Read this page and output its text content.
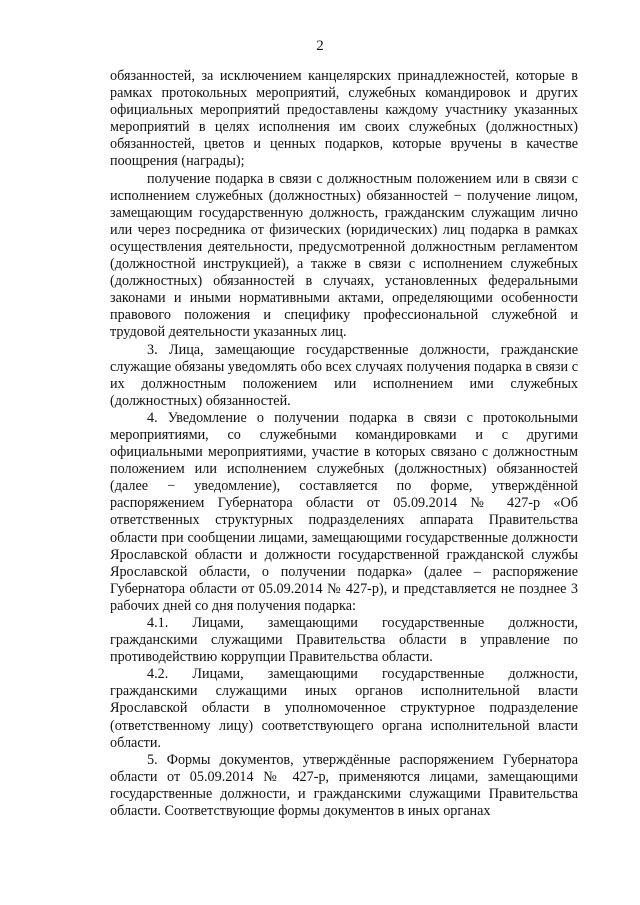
2

обязанностей, за исключением канцелярских принадлежностей, которые в рамках протокольных мероприятий, служебных командировок и других официальных мероприятий предоставлены каждому участнику указанных мероприятий в целях исполнения им своих служебных (должностных) обязанностей, цветов и ценных подарков, которые вручены в качестве поощрения (награды);

получение подарка в связи с должностным положением или в связи с исполнением служебных (должностных) обязанностей − получение лицом, замещающим государственную должность, гражданским служащим лично или через посредника от физических (юридических) лиц подарка в рамках осуществления деятельности, предусмотренной должностным регламентом (должностной инструкцией), а также в связи с исполнением служебных (должностных) обязанностей в случаях, установленных федеральными законами и иными нормативными актами, определяющими особенности правового положения и специфику профессиональной служебной и трудовой деятельности указанных лиц.

3. Лица, замещающие государственные должности, гражданские служащие обязаны уведомлять обо всех случаях получения подарка в связи с их должностным положением или исполнением ими служебных (должностных) обязанностей.

4. Уведомление о получении подарка в связи с протокольными мероприятиями, со служебными командировками и с другими официальными мероприятиями, участие в которых связано с должностным положением или исполнением служебных (должностных) обязанностей (далее − уведомление), составляется по форме, утверждённой распоряжением Губернатора области от 05.09.2014 № 427-р «Об ответственных структурных подразделениях аппарата Правительства области при сообщении лицами, замещающими государственные должности Ярославской области и должности государственной гражданской службы Ярославской области, о получении подарка» (далее – распоряжение Губернатора области от 05.09.2014 № 427-р), и представляется не позднее 3 рабочих дней со дня получения подарка:

4.1. Лицами, замещающими государственные должности, гражданскими служащими Правительства области в управление по противодействию коррупции Правительства области.

4.2. Лицами, замещающими государственные должности, гражданскими служащими иных органов исполнительной власти Ярославской области в уполномоченное структурное подразделение (ответственному лицу) соответствующего органа исполнительной власти области.

5. Формы документов, утверждённые распоряжением Губернатора области от 05.09.2014 № 427-р, применяются лицами, замещающими государственные должности, и гражданскими служащими Правительства области. Соответствующие формы документов в иных органах
